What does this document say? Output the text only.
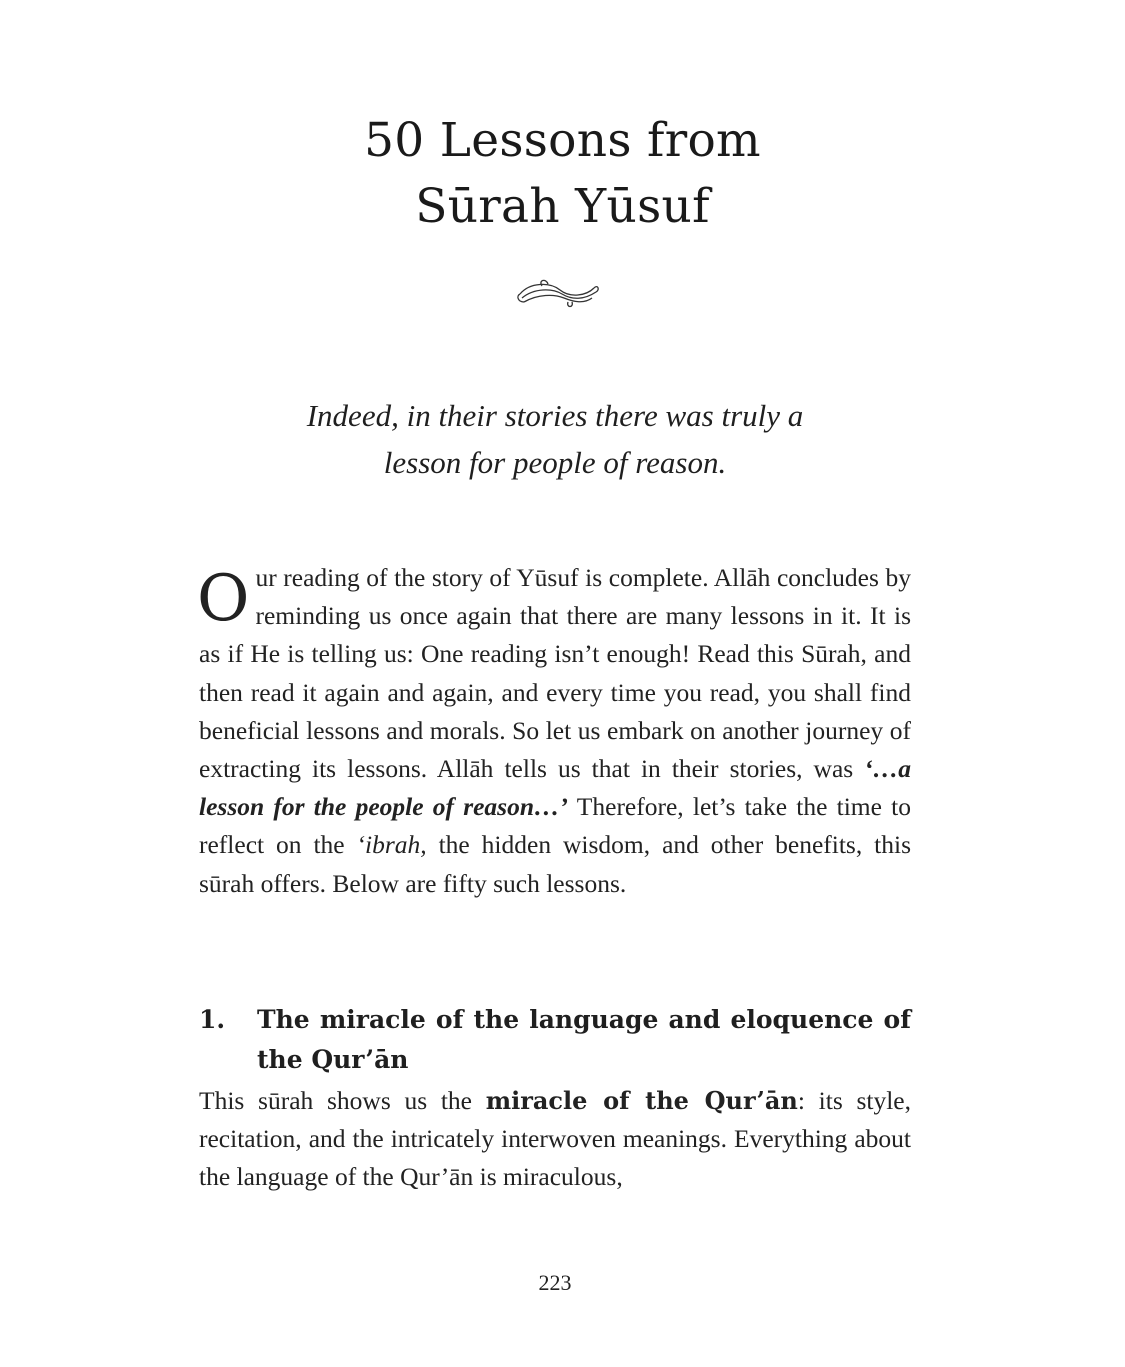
50 Lessons from
Sūrah Yūsuf
Indeed, in their stories there was truly a
lesson for people of reason.

Our reading of the story of Yūsuf is complete. Allāh concludes by reminding us once again that there are many lessons in it. It is as if He is telling us: One reading isn’t enough! Read this Sūrah, and then read it again and again, and every time you read, you shall find beneficial lessons and morals. So let us embark on another journey of extracting its lessons. Allāh tells us that in their stories, was ‘…a lesson for the people of reason…’ Therefore, let’s take the time to reflect on the ‘ibrah, the hidden wisdom, and other benefits, this sūrah offers. Below are fifty such lessons.

1. The miracle of the language and eloquence of the Qur’ān

This sūrah shows us the miracle of the Qur’ān: its style, recitation, and the intricately interwoven meanings. Everything about the language of the Qur’ān is miraculous,

223
